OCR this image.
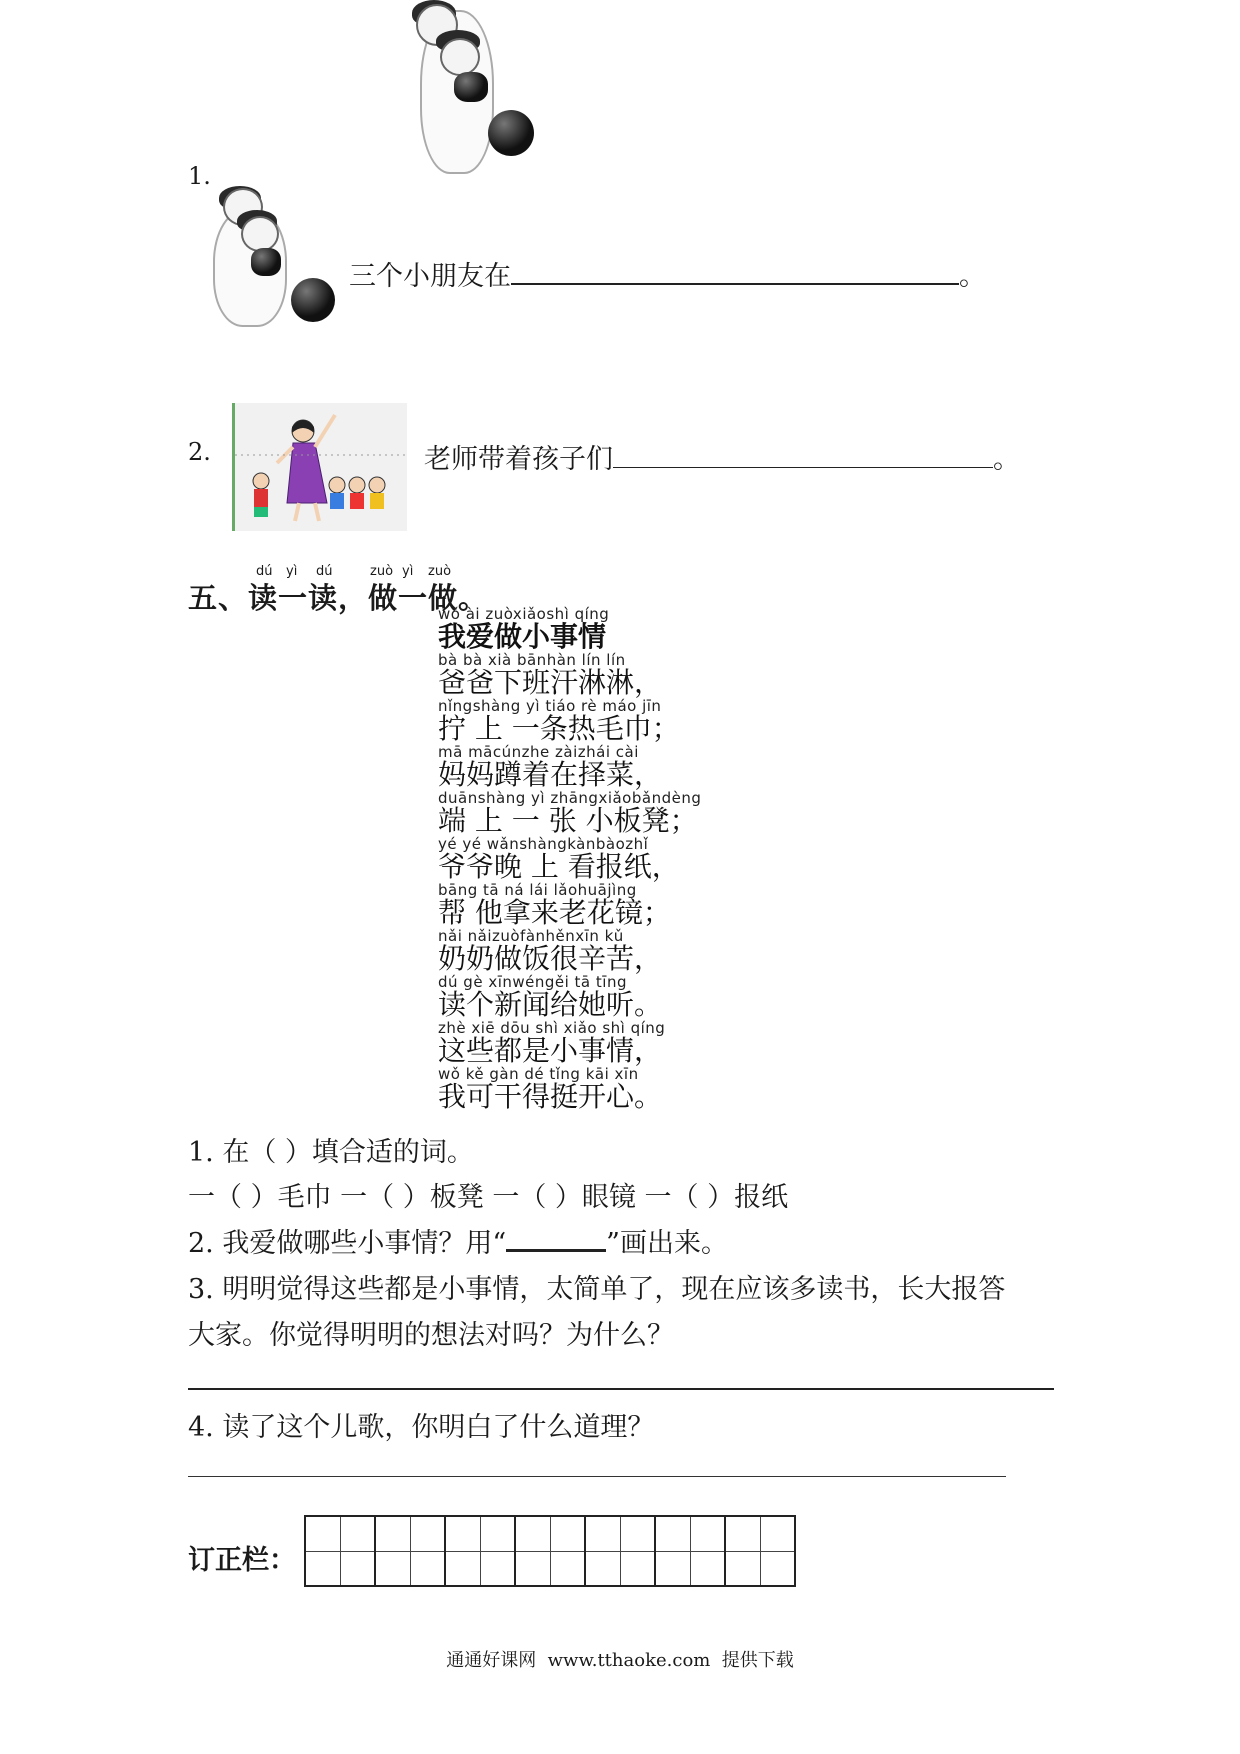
1.
三个小朋友在	。
2.	老师带着孩子们	。
dú yì dú	zuò yì zuò
五、读一读，做一做。
wǒ ài zuòxiǎoshì qíng
我爱做小事情
bà bà xià bānhàn lín lín
爸爸下班汗淋淋，
nǐngshàng yì tiáo rè máo jīn
拧 上 一条热毛巾；
mā mācúnzhe zàizhái cài
妈妈蹲着在择菜，
duānshàng yì zhāngxiǎobǎndèng
端 上 一 张 小板凳；
yé yé wǎnshàngkànbàozhǐ
爷爷晚 上 看报纸，
bāng tā ná lái lǎohuājìng
帮 他拿来老花镜；
nǎi nǎizuòfànhěnxīn kǔ
奶奶做饭很辛苦，
dú gè xīnwéngěi tā tīng
读个新闻给她听。
zhè xiē dōu shì xiǎo shì qíng
这些都是小事情，
wǒ kě gàn dé tǐng kāi xīn
我可干得挺开心。
1. 在（ ）填合适的词。
一（ ）毛巾 一（ ）板凳 一（ ）眼镜 一（ ）报纸
2. 我爱做哪些小事情？用“	”画出来。
3. 明明觉得这些都是小事情，太简单了，现在应该多读书，长大报答
大家。你觉得明明的想法对吗？为什么？
4. 读了这个儿歌，你明白了什么道理？
订正栏：
通通好课网  www.tthaoke.com  提供下载
